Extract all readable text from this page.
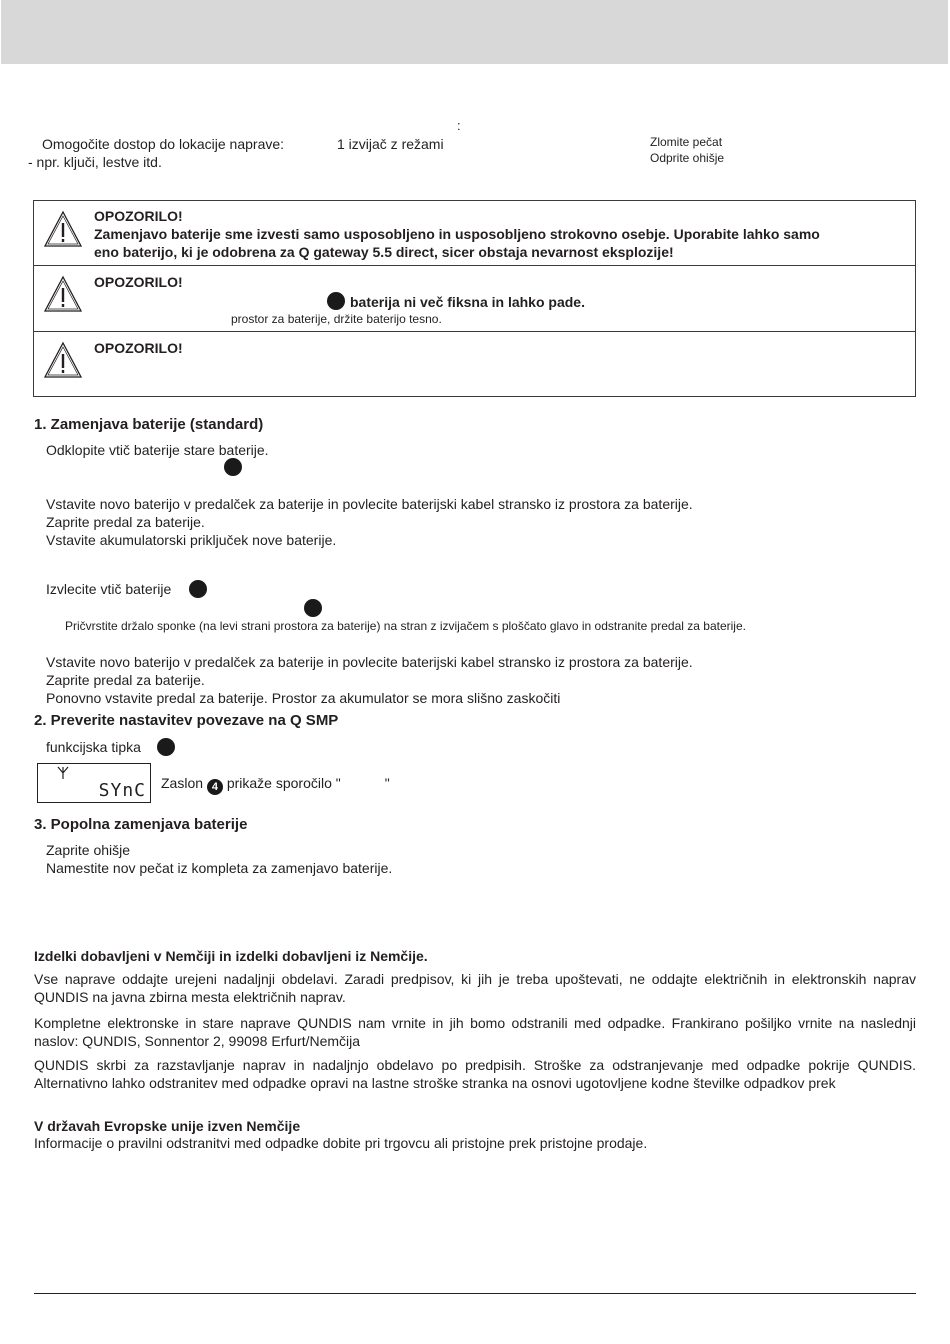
:
Omogočite dostop do lokacije naprave:
- npr. ključi, lestve itd.
1 izvijač z režami	Zlomite pečat
Odprite ohišje
OPOZORILO!
Zamenjavo baterije sme izvesti samo usposobljeno in usposobljeno strokovno osebje. Uporabite lahko samo
eno baterijo, ki je odobrena za Q gateway 5.5 direct, sicer obstaja nevarnost eksplozije!
OPOZORILO!
baterija ni več fiksna in lahko pade.
prostor za baterije, držite baterijo tesno.
OPOZORILO!
1. Zamenjava baterije (standard)
Odklopite vtič baterije stare baterije.
Vstavite novo baterijo v predalček za baterije in povlecite baterijski kabel stransko iz prostora za baterije.
Zaprite predal za baterije.
Vstavite akumulatorski priključek nove baterije.
Izvlecite vtič baterije
Pričvrstite držalo sponke (na levi strani prostora za baterije) na stran z izvijačem s ploščato glavo in odstranite predal za baterije.
Vstavite novo baterijo v predalček za baterije in povlecite baterijski kabel stransko iz prostora za baterije.
Zaprite predal za baterije.
Ponovno vstavite predal za baterije. Prostor za akumulator se mora slišno zaskočiti
2. Preverite nastavitev povezave na Q SMP
funkcijska tipka
SYnC Zaslon 4 prikaže sporočilo "	"
3. Popolna zamenjava baterije
Zaprite ohišje
Namestite nov pečat iz kompleta za zamenjavo baterije.
Izdelki dobavljeni v Nemčiji in izdelki dobavljeni iz Nemčije.
Vse naprave oddajte urejeni nadaljnji obdelavi. Zaradi predpisov, ki jih je treba upoštevati, ne oddajte električnih in elektronskih naprav QUNDIS na javna zbirna mesta električnih naprav.
Kompletne elektronske in stare naprave QUNDIS nam vrnite in jih bomo odstranili med odpadke. Frankirano pošiljko vrnite na naslednji naslov: QUNDIS, Sonnentor 2, 99098 Erfurt/Nemčija
QUNDIS skrbi za razstavljanje naprav in nadaljnjo obdelavo po predpisih. Stroške za odstranjevanje med odpadke pokrije QUNDIS. Alternativno lahko odstranitev med odpadke opravi na lastne stroške stranka na osnovi ugotovljene kodne številke odpadkov prek
V državah Evropske unije izven Nemčije
Informacije o pravilni odstranitvi med odpadke dobite pri trgovcu ali pristojne prek pristojne prodaje.
